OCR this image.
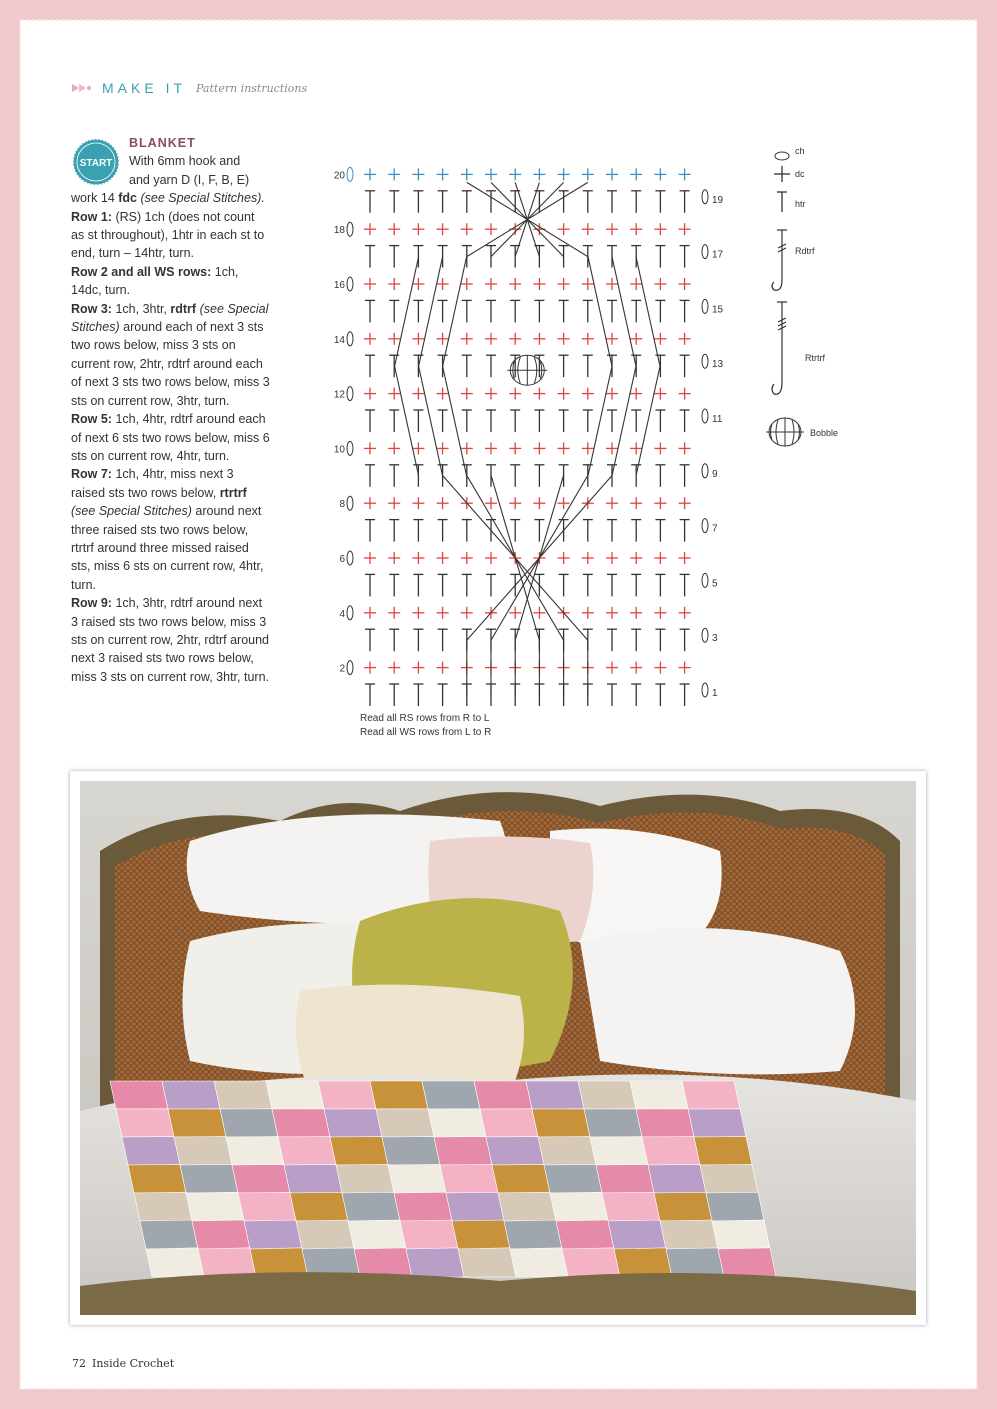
MAKE IT Pattern instructions
START
BLANKET
With 6mm hook and
and yarn D (I, F, B, E)
work 14 fdc (see Special Stitches).
Row 1: (RS) 1ch (does not count as st throughout), 1htr in each st to end, turn – 14htr, turn.
Row 2 and all WS rows: 1ch, 14dc, turn.
Row 3: 1ch, 3htr, rdtrf (see Special Stitches) around each of next 3 sts two rows below, miss 3 sts on current row, 2htr, rdtrf around each of next 3 sts two rows below, miss 3 sts on current row, 3htr, turn.
Row 5: 1ch, 4htr, rdtrf around each of next 6 sts two rows below, miss 6 sts on current row, 4htr, turn.
Row 7: 1ch, 4htr, miss next 3 raised sts two rows below, rtrtrf (see Special Stitches) around next three raised sts two rows below, rtrtrf around three missed raised sts, miss 6 sts on current row, 4htr, turn.
Row 9: 1ch, 3htr, rdtrf around next 3 raised sts two rows below, miss 3 sts on current row, 2htr, rdtrf around next 3 raised sts two rows below, miss 3 sts on current row, 3htr, turn.
20
18
16
14
12
10
8
6
4
2
19
17
15
13
11
9
7
5
3
1
Read all RS rows from R to L
Read all WS rows from L to R
ch
dc
htr
Rdtrf
Rtrtrf
Bobble
72 Inside Crochet
